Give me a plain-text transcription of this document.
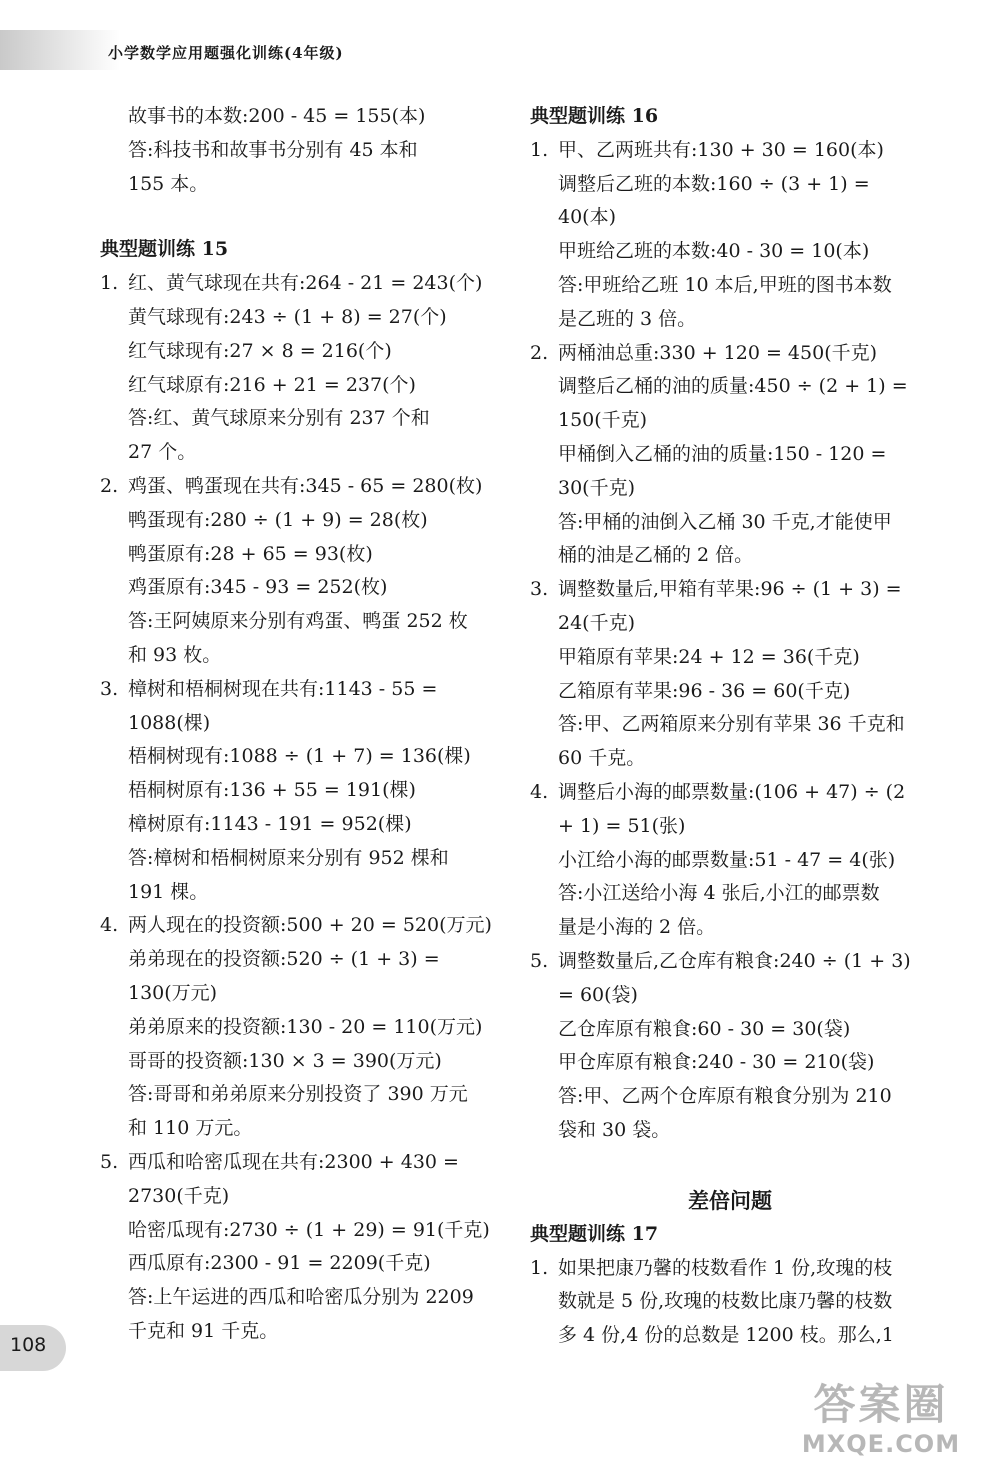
小学数学应用题强化训练(4年级)
故事书的本数:200 - 45 = 155(本)
答:科技书和故事书分别有 45 本和
155 本。
典型题训练 15
1. 红、黄气球现在共有:264 - 21 = 243(个)
黄气球现有:243 ÷ (1 + 8) = 27(个)
红气球现有:27 × 8 = 216(个)
红气球原有:216 + 21 = 237(个)
答:红、黄气球原来分别有 237 个和
27 个。
2. 鸡蛋、鸭蛋现在共有:345 - 65 = 280(枚)
鸭蛋现有:280 ÷ (1 + 9) = 28(枚)
鸭蛋原有:28 + 65 = 93(枚)
鸡蛋原有:345 - 93 = 252(枚)
答:王阿姨原来分别有鸡蛋、鸭蛋 252 枚
和 93 枚。
3. 樟树和梧桐树现在共有:1143 - 55 =
1088(棵)
梧桐树现有:1088 ÷ (1 + 7) = 136(棵)
梧桐树原有:136 + 55 = 191(棵)
樟树原有:1143 - 191 = 952(棵)
答:樟树和梧桐树原来分别有 952 棵和
191 棵。
4. 两人现在的投资额:500 + 20 = 520(万元)
弟弟现在的投资额:520 ÷ (1 + 3) =
130(万元)
弟弟原来的投资额:130 - 20 = 110(万元)
哥哥的投资额:130 × 3 = 390(万元)
答:哥哥和弟弟原来分别投资了 390 万元
和 110 万元。
5. 西瓜和哈密瓜现在共有:2300 + 430 =
2730(千克)
哈密瓜现有:2730 ÷ (1 + 29) = 91(千克)
西瓜原有:2300 - 91 = 2209(千克)
答:上午运进的西瓜和哈密瓜分别为 2209
千克和 91 千克。
典型题训练 16
1. 甲、乙两班共有:130 + 30 = 160(本)
调整后乙班的本数:160 ÷ (3 + 1) =
40(本)
甲班给乙班的本数:40 - 30 = 10(本)
答:甲班给乙班 10 本后,甲班的图书本数
是乙班的 3 倍。
2. 两桶油总重:330 + 120 = 450(千克)
调整后乙桶的油的质量:450 ÷ (2 + 1) =
150(千克)
甲桶倒入乙桶的油的质量:150 - 120 =
30(千克)
答:甲桶的油倒入乙桶 30 千克,才能使甲
桶的油是乙桶的 2 倍。
3. 调整数量后,甲箱有苹果:96 ÷ (1 + 3) =
24(千克)
甲箱原有苹果:24 + 12 = 36(千克)
乙箱原有苹果:96 - 36 = 60(千克)
答:甲、乙两箱原来分别有苹果 36 千克和
60 千克。
4. 调整后小海的邮票数量:(106 + 47) ÷ (2
+ 1) = 51(张)
小江给小海的邮票数量:51 - 47 = 4(张)
答:小江送给小海 4 张后,小江的邮票数
量是小海的 2 倍。
5. 调整数量后,乙仓库有粮食:240 ÷ (1 + 3)
= 60(袋)
乙仓库原有粮食:60 - 30 = 30(袋)
甲仓库原有粮食:240 - 30 = 210(袋)
答:甲、乙两个仓库原有粮食分别为 210
袋和 30 袋。
差倍问题
典型题训练 17
1. 如果把康乃馨的枝数看作 1 份,玫瑰的枝
数就是 5 份,玫瑰的枝数比康乃馨的枝数
多 4 份,4 份的总数是 1200 枝。那么,1
108
答案圈
MXQE.COM
